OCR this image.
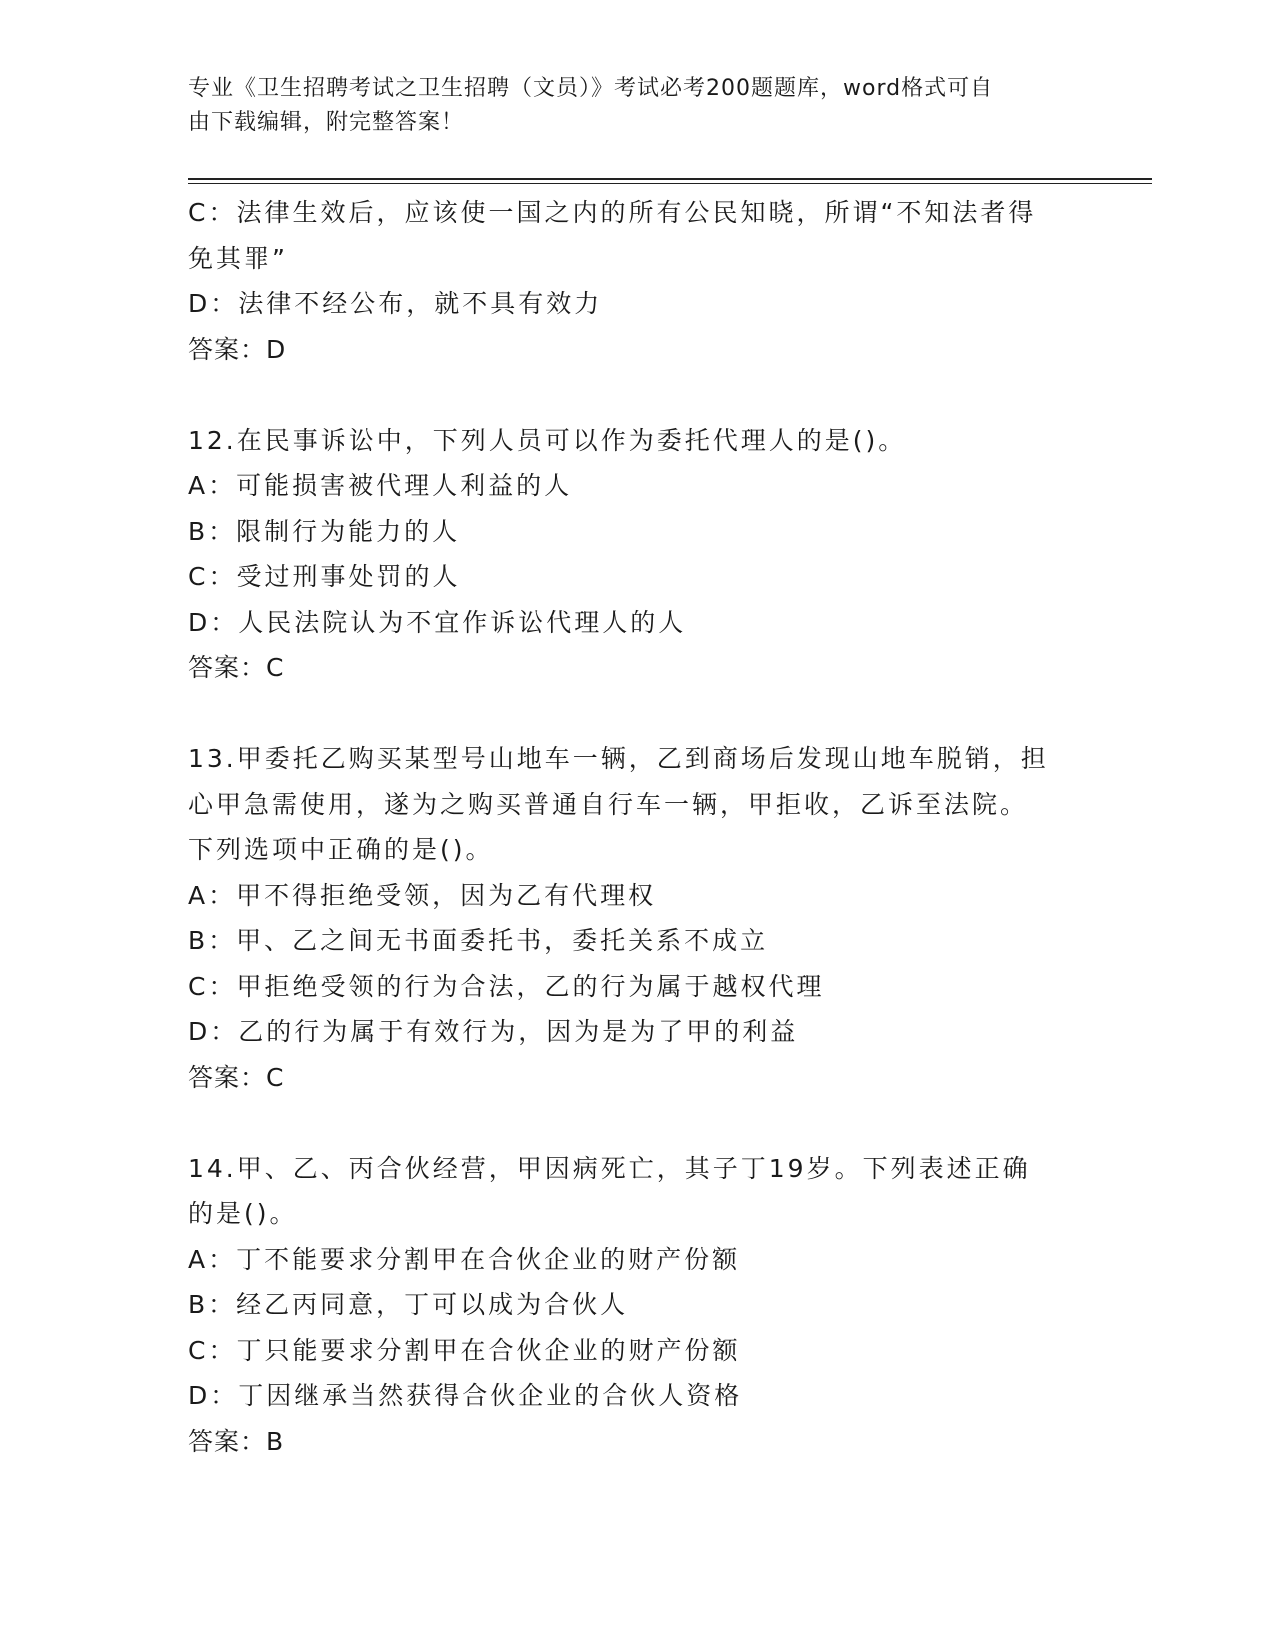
专业《卫生招聘考试之卫生招聘（文员）》考试必考200题题库，word格式可自
由下载编辑，附完整答案！
C：法律生效后，应该使一国之内的所有公民知晓，所谓“不知法者得
免其罪”
D：法律不经公布，就不具有效力
答案：D
12.在民事诉讼中，下列人员可以作为委托代理人的是()。
A：可能损害被代理人利益的人
B：限制行为能力的人
C：受过刑事处罚的人
D：人民法院认为不宜作诉讼代理人的人
答案：C
13.甲委托乙购买某型号山地车一辆，乙到商场后发现山地车脱销，担
心甲急需使用，遂为之购买普通自行车一辆，甲拒收，乙诉至法院。
下列选项中正确的是()。
A：甲不得拒绝受领，因为乙有代理权
B：甲、乙之间无书面委托书，委托关系不成立
C：甲拒绝受领的行为合法，乙的行为属于越权代理
D：乙的行为属于有效行为，因为是为了甲的利益
答案：C
14.甲、乙、丙合伙经营，甲因病死亡，其子丁19岁。下列表述正确
的是()。
A：丁不能要求分割甲在合伙企业的财产份额
B：经乙丙同意，丁可以成为合伙人
C：丁只能要求分割甲在合伙企业的财产份额
D：丁因继承当然获得合伙企业的合伙人资格
答案：B
